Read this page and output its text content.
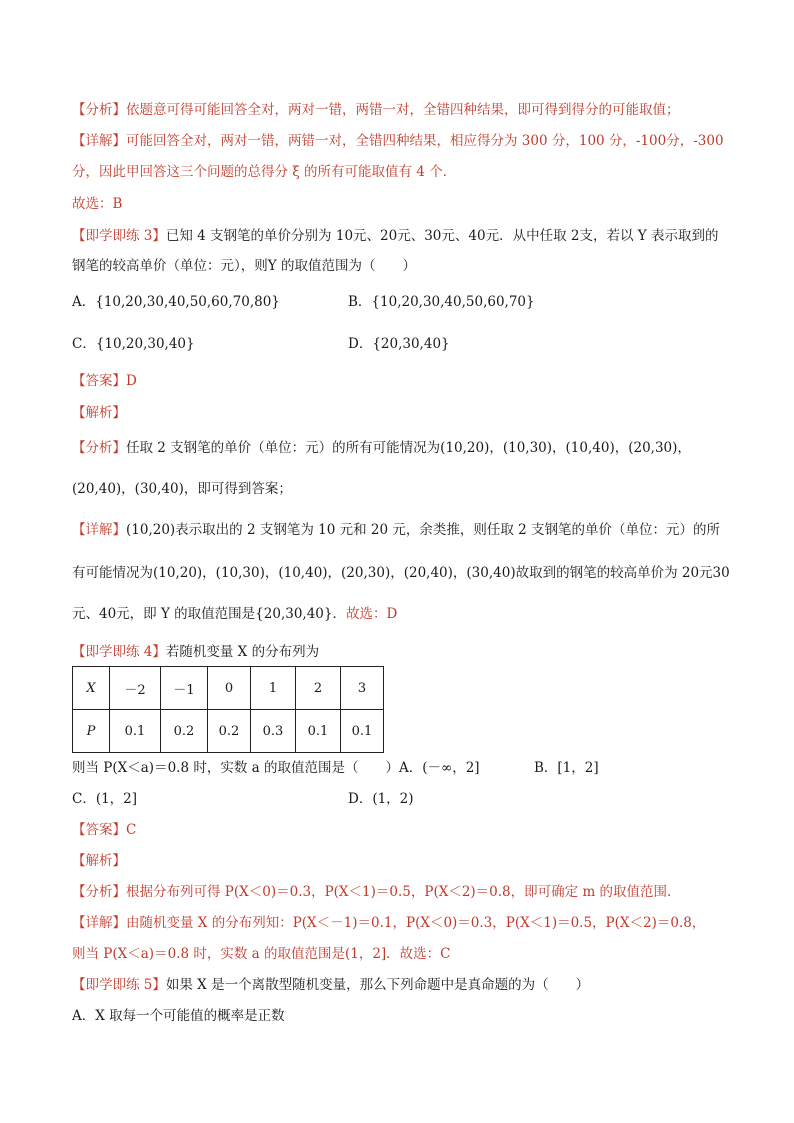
【分析】依题意可得可能回答全对，两对一错，两错一对，全错四种结果，即可得到得分的可能取值；
【详解】可能回答全对，两对一错，两错一对，全错四种结果，相应得分为 300 分，100 分，-100分，-300
分，因此甲回答这三个问题的总得分 ξ 的所有可能取值有 4 个．
故选：B
【即学即练 3】已知 4 支钢笔的单价分别为 10元、20元、30元、40元．从中任取 2支，若以 Y 表示取到的
钢笔的较高单价（单位：元），则Y 的取值范围为（　　）
A．{10,20,30,40,50,60,70,80}	B．{10,20,30,40,50,60,70}
C．{10,20,30,40}	D．{20,30,40}
【答案】D
【解析】
【分析】任取 2 支钢笔的单价（单位：元）的所有可能情况为(10,20)，(10,30)，(10,40)，(20,30)，
(20,40)，(30,40)，即可得到答案；
【详解】(10,20)表示取出的 2 支钢笔为 10 元和 20 元，余类推，则任取 2 支钢笔的单价（单位：元）的所
有可能情况为(10,20)，(10,30)，(10,40)，(20,30)，(20,40)，(30,40)故取到的钢笔的较高单价为 20元30
元、40元，即 Y 的取值范围是{20,30,40}．故选：D
【即学即练 4】若随机变量 X 的分布列为
X	－2	－1	0	1	2	3
P	0.1	0.2	0.2	0.3	0.1	0.1
则当 P(X＜a)＝0.8 时，实数 a 的取值范围是（　　）A．(－∞，2]	B．[1，2]
C．(1，2]	D．(1，2)
【答案】C
【解析】
【分析】根据分布列可得 P(X＜0)＝0.3，P(X＜1)＝0.5，P(X＜2)＝0.8，即可确定 m 的取值范围.
【详解】由随机变量 X 的分布列知：P(X＜－1)＝0.1，P(X＜0)＝0.3，P(X＜1)＝0.5，P(X＜2)＝0.8，
则当 P(X＜a)＝0.8 时，实数 a 的取值范围是(1，2]．故选：C
【即学即练 5】如果 X 是一个离散型随机变量，那么下列命题中是真命题的为（　　）
A．X 取每一个可能值的概率是正数
